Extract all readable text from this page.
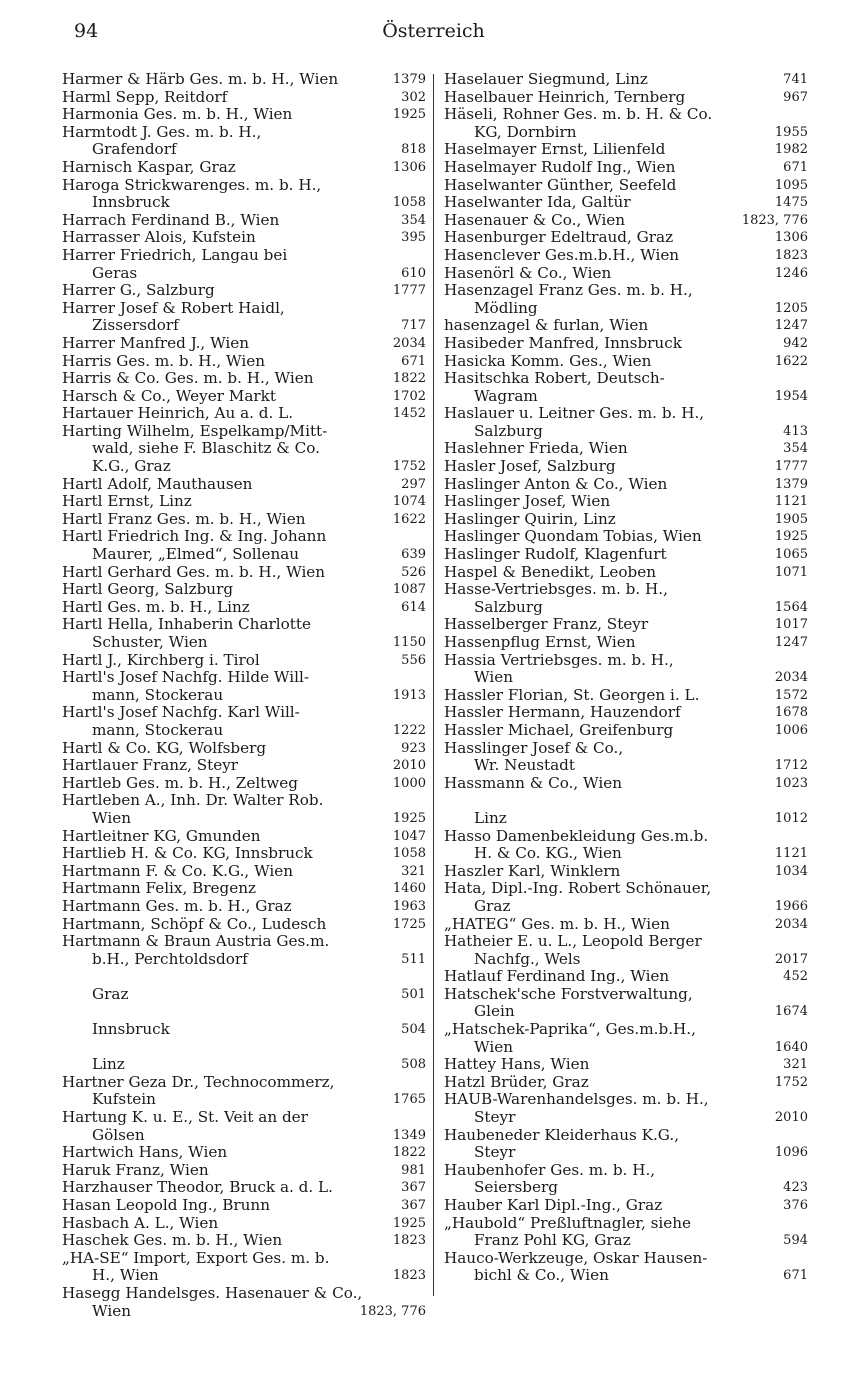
94	Österreich
Harmer & Härb Ges. m. b. H., Wien	1379
Harml Sepp, Reitdorf	302
Harmonia Ges. m. b. H., Wien	1925
Harmtodt J. Ges. m. b. H.,
Grafendorf	818
Harnisch Kaspar, Graz	1306
Haroga Strickwarenges. m. b. H.,
Innsbruck	1058
Harrach Ferdinand B., Wien	354
Harrasser Alois, Kufstein	395
Harrer Friedrich, Langau bei
Geras	610
Harrer G., Salzburg	1777
Harrer Josef & Robert Haidl,
Zissersdorf	717
Harrer Manfred J., Wien	2034
Harris Ges. m. b. H., Wien	671
Harris & Co. Ges. m. b. H., Wien	1822
Harsch & Co., Weyer Markt	1702
Hartauer Heinrich, Au a. d. L.	1452
Harting Wilhelm, Espelkamp/Mitt-
wald, siehe F. Blaschitz & Co.
K.G., Graz	1752
Hartl Adolf, Mauthausen	297
Hartl Ernst, Linz	1074
Hartl Franz Ges. m. b. H., Wien	1622
Hartl Friedrich Ing. & Ing. Johann
Maurer, „Elmed“, Sollenau	639
Hartl Gerhard Ges. m. b. H., Wien	526
Hartl Georg, Salzburg	1087
Hartl Ges. m. b. H., Linz	614
Hartl Hella, Inhaberin Charlotte
Schuster, Wien	1150
Hartl J., Kirchberg i. Tirol	556
Hartl's Josef Nachfg. Hilde Will-
mann, Stockerau	1913
Hartl's Josef Nachfg. Karl Will-
mann, Stockerau	1222
Hartl & Co. KG, Wolfsberg	923
Hartlauer Franz, Steyr	2010
Hartleb Ges. m. b. H., Zeltweg	1000
Hartleben A., Inh. Dr. Walter Rob.
Wien	1925
Hartleitner KG, Gmunden	1047
Hartlieb H. & Co. KG, Innsbruck	1058
Hartmann F. & Co. K.G., Wien	321
Hartmann Felix, Bregenz	1460
Hartmann Ges. m. b. H., Graz	1963
Hartmann, Schöpf & Co., Ludesch	1725
Hartmann & Braun Austria Ges.m.
b.H., Perchtoldsdorf	511

Graz	501

Innsbruck	504

Linz	508
Hartner Geza Dr., Technocommerz,
Kufstein	1765
Hartung K. u. E., St. Veit an der
Gölsen	1349
Hartwich Hans, Wien	1822
Haruk Franz, Wien	981
Harzhauser Theodor, Bruck a. d. L.	367
Hasan Leopold Ing., Brunn	367
Hasbach A. L., Wien	1925
Haschek Ges. m. b. H., Wien	1823
„HA-SE“ Import, Export Ges. m. b.
H., Wien	1823
Hasegg Handelsges. Hasenauer & Co.,
Wien	1823, 776
Haselauer Siegmund, Linz	741
Haselbauer Heinrich, Ternberg	967
Häseli, Rohner Ges. m. b. H. & Co.
KG, Dornbirn	1955
Haselmayer Ernst, Lilienfeld	1982
Haselmayer Rudolf Ing., Wien	671
Haselwanter Günther, Seefeld	1095
Haselwanter Ida, Galtür	1475
Hasenauer & Co., Wien	1823, 776
Hasenburger Edeltraud, Graz	1306
Hasenclever Ges.m.b.H., Wien	1823
Hasenörl & Co., Wien	1246
Hasenzagel Franz Ges. m. b. H.,
Mödling	1205
hasenzagel & furlan, Wien	1247
Hasibeder Manfred, Innsbruck	942
Hasicka Komm. Ges., Wien	1622
Hasitschka Robert, Deutsch-
Wagram	1954
Haslauer u. Leitner Ges. m. b. H.,
Salzburg	413
Haslehner Frieda, Wien	354
Hasler Josef, Salzburg	1777
Haslinger Anton & Co., Wien	1379
Haslinger Josef, Wien	1121
Haslinger Quirin, Linz	1905
Haslinger Quondam Tobias, Wien	1925
Haslinger Rudolf, Klagenfurt	1065
Haspel & Benedikt, Leoben	1071
Hasse-Vertriebsges. m. b. H.,
Salzburg	1564
Hasselberger Franz, Steyr	1017
Hassenpflug Ernst, Wien	1247
Hassia Vertriebsges. m. b. H.,
Wien	2034
Hassler Florian, St. Georgen i. L.	1572
Hassler Hermann, Hauzendorf	1678
Hassler Michael, Greifenburg	1006
Hasslinger Josef & Co.,
Wr. Neustadt	1712
Hassmann & Co., Wien	1023

Linz	1012
Hasso Damenbekleidung Ges.m.b.
H. & Co. KG., Wien	1121
Haszler Karl, Winklern	1034
Hata, Dipl.-Ing. Robert Schönauer,
Graz	1966
„HATEG“ Ges. m. b. H., Wien	2034
Hatheier E. u. L., Leopold Berger
Nachfg., Wels	2017
Hatlauf Ferdinand Ing., Wien	452
Hatschek'sche Forstverwaltung,
Glein	1674
„Hatschek-Paprika“, Ges.m.b.H.,
Wien	1640
Hattey Hans, Wien	321
Hatzl Brüder, Graz	1752
HAUB-Warenhandelsges. m. b. H.,
Steyr	2010
Haubeneder Kleiderhaus K.G.,
Steyr	1096
Haubenhofer Ges. m. b. H.,
Seiersberg	423
Hauber Karl Dipl.-Ing., Graz	376
„Haubold“ Preßluftnagler, siehe
Franz Pohl KG, Graz	594
Hauco-Werkzeuge, Oskar Hausen-
bichl & Co., Wien	671
